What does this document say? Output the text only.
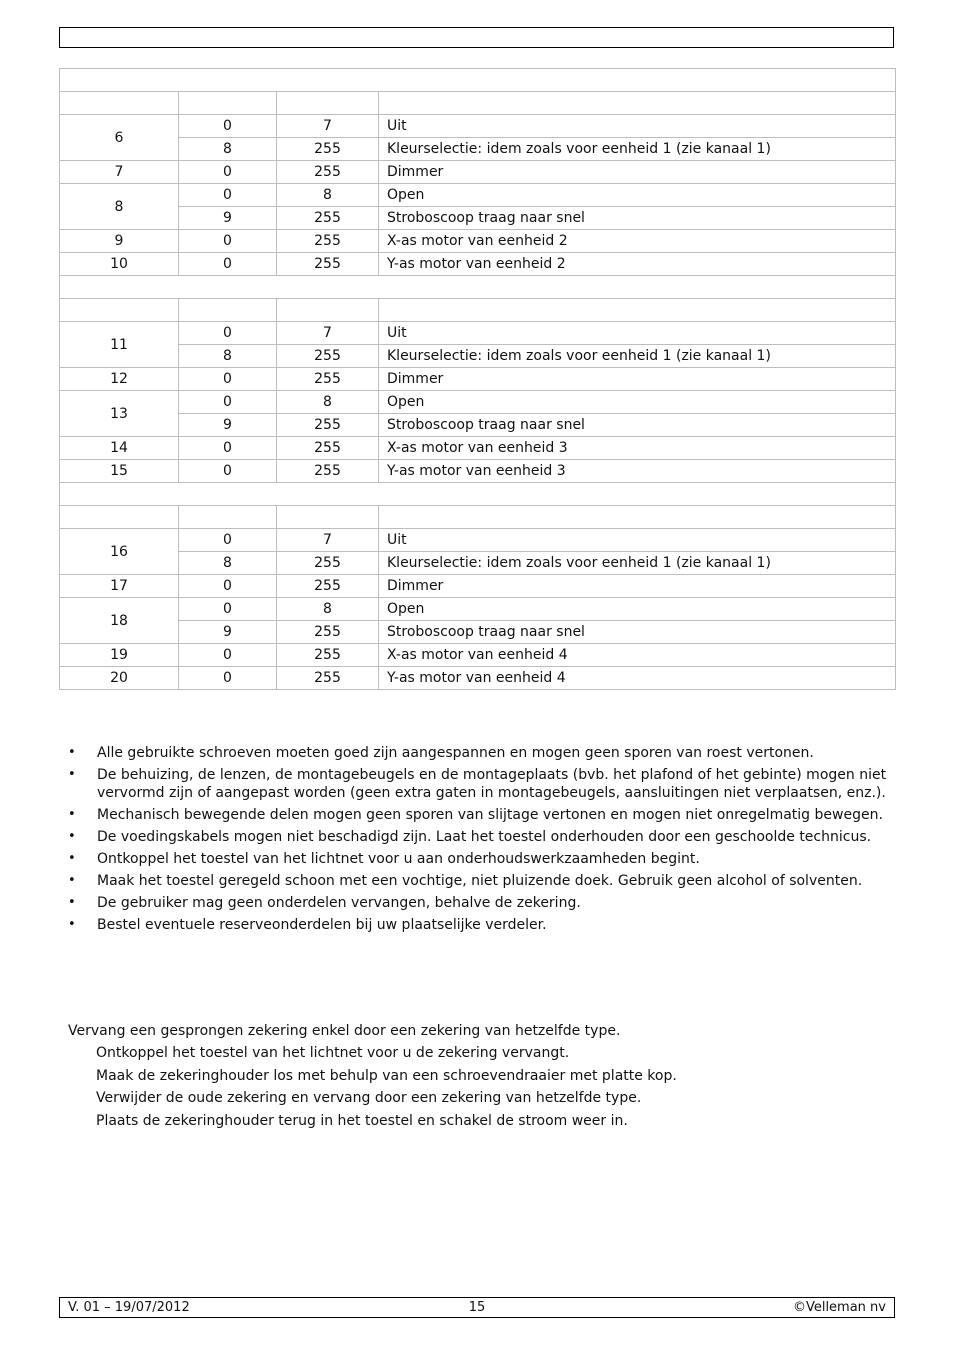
6	0	7	Uit
	8	255	Kleurselectie: idem zoals voor eenheid 1 (zie kanaal 1)
7	0	255	Dimmer
8	0	8	Open
	9	255	Stroboscoop traag naar snel
9	0	255	X-as motor van eenheid 2
10	0	255	Y-as motor van eenheid 2

11	0	7	Uit
	8	255	Kleurselectie: idem zoals voor eenheid 1 (zie kanaal 1)
12	0	255	Dimmer
13	0	8	Open
	9	255	Stroboscoop traag naar snel
14	0	255	X-as motor van eenheid 3
15	0	255	Y-as motor van eenheid 3

16	0	7	Uit
	8	255	Kleurselectie: idem zoals voor eenheid 1 (zie kanaal 1)
17	0	255	Dimmer
18	0	8	Open
	9	255	Stroboscoop traag naar snel
19	0	255	X-as motor van eenheid 4
20	0	255	Y-as motor van eenheid 4
• Alle gebruikte schroeven moeten goed zijn aangespannen en mogen geen sporen van roest vertonen.
• De behuizing, de lenzen, de montagebeugels en de montageplaats (bvb. het plafond of het gebinte) mogen niet vervormd zijn of aangepast worden (geen extra gaten in montagebeugels, aansluitingen niet verplaatsen, enz.).
• Mechanisch bewegende delen mogen geen sporen van slijtage vertonen en mogen niet onregelmatig bewegen.
• De voedingskabels mogen niet beschadigd zijn. Laat het toestel onderhouden door een geschoolde technicus.
• Ontkoppel het toestel van het lichtnet voor u aan onderhoudswerkzaamheden begint.
• Maak het toestel geregeld schoon met een vochtige, niet pluizende doek. Gebruik geen alcohol of solventen.
• De gebruiker mag geen onderdelen vervangen, behalve de zekering.
• Bestel eventuele reserveonderdelen bij uw plaatselijke verdeler.
Vervang een gesprongen zekering enkel door een zekering van hetzelfde type.
Ontkoppel het toestel van het lichtnet voor u de zekering vervangt.
Maak de zekeringhouder los met behulp van een schroevendraaier met platte kop.
Verwijder de oude zekering en vervang door een zekering van hetzelfde type.
Plaats de zekeringhouder terug in het toestel en schakel de stroom weer in.
V. 01 – 19/07/2012	15	©Velleman nv
